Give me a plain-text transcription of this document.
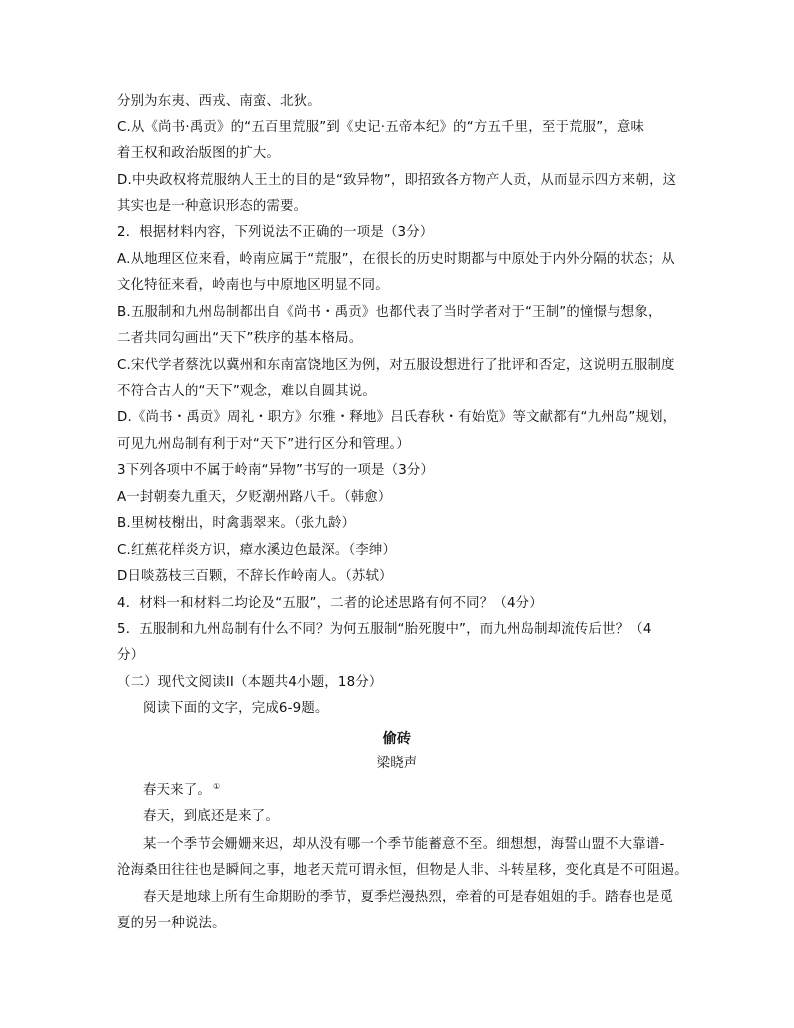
分别为东夷、西戎、南蛮、北狄。
C.从《尚书·禹贡》的“五百里荒服”到《史记·五帝本纪》的“方五千里，至于荒服”，意味
着王权和政治版图的扩大。
D.中央政权将荒服纳人王土的目的是“致异物”，即招致各方物产人贡，从而显示四方来朝，这
其实也是一种意识形态的需要。
2．根据材料内容，下列说法不正确的一项是（3分）
A.从地理区位来看，岭南应属于“荒服”，在很长的历史时期都与中原处于内外分隔的状态；从
文化特征来看，岭南也与中原地区明显不同。
B.五服制和九州岛制都出自《尚书・禹贡》也都代表了当时学者对于“王制”的憧憬与想象，
二者共同勾画出“天下”秩序的基本格局。
C.宋代学者蔡沈以冀州和东南富饶地区为例，对五服设想进行了批评和否定，这说明五服制度
不符合古人的“天下”观念，难以自圆其说。
D.《尚书・禹贡》周礼・职方》尔雅・释地》吕氏春秋・有始览》等文献都有“九州岛”规划，
可见九州岛制有利于对“天下”进行区分和管理。）
3下列各项中不属于岭南“异物”书写的一项是（3分）
A一封朝奏九重天，夕贬潮州路八千。（韩愈）
B.里树枝榭出，时禽翡翠来。（张九龄）
C.红蕉花样炎方识，瘴水溪边色最深。（李绅）
D日啖荔枝三百颗，不辞长作岭南人。（苏轼）
4．材料一和材料二均论及“五服”，二者的论述思路有何不同？（4分）
5．五服制和九州岛制有什么不同？为何五服制“胎死腹中”，而九州岛制却流传后世？（4
分）
（二）现代文阅读II（本题共4小题，18分）
阅读下面的文字，完成6-9题。
偷砖
梁晓声
春天来了。 ①
春天，到底还是来了。
某一个季节会姗姗来迟，却从没有哪一个季节能蓄意不至。细想想，海誓山盟不大靠谱-
沧海桑田往往也是瞬间之事，地老天荒可谓永恒，但物是人非、斗转星移，变化真是不可阻遏。
春天是地球上所有生命期盼的季节，夏季烂漫热烈，牵着的可是春姐姐的手。踏春也是觅
夏的另一种说法。
